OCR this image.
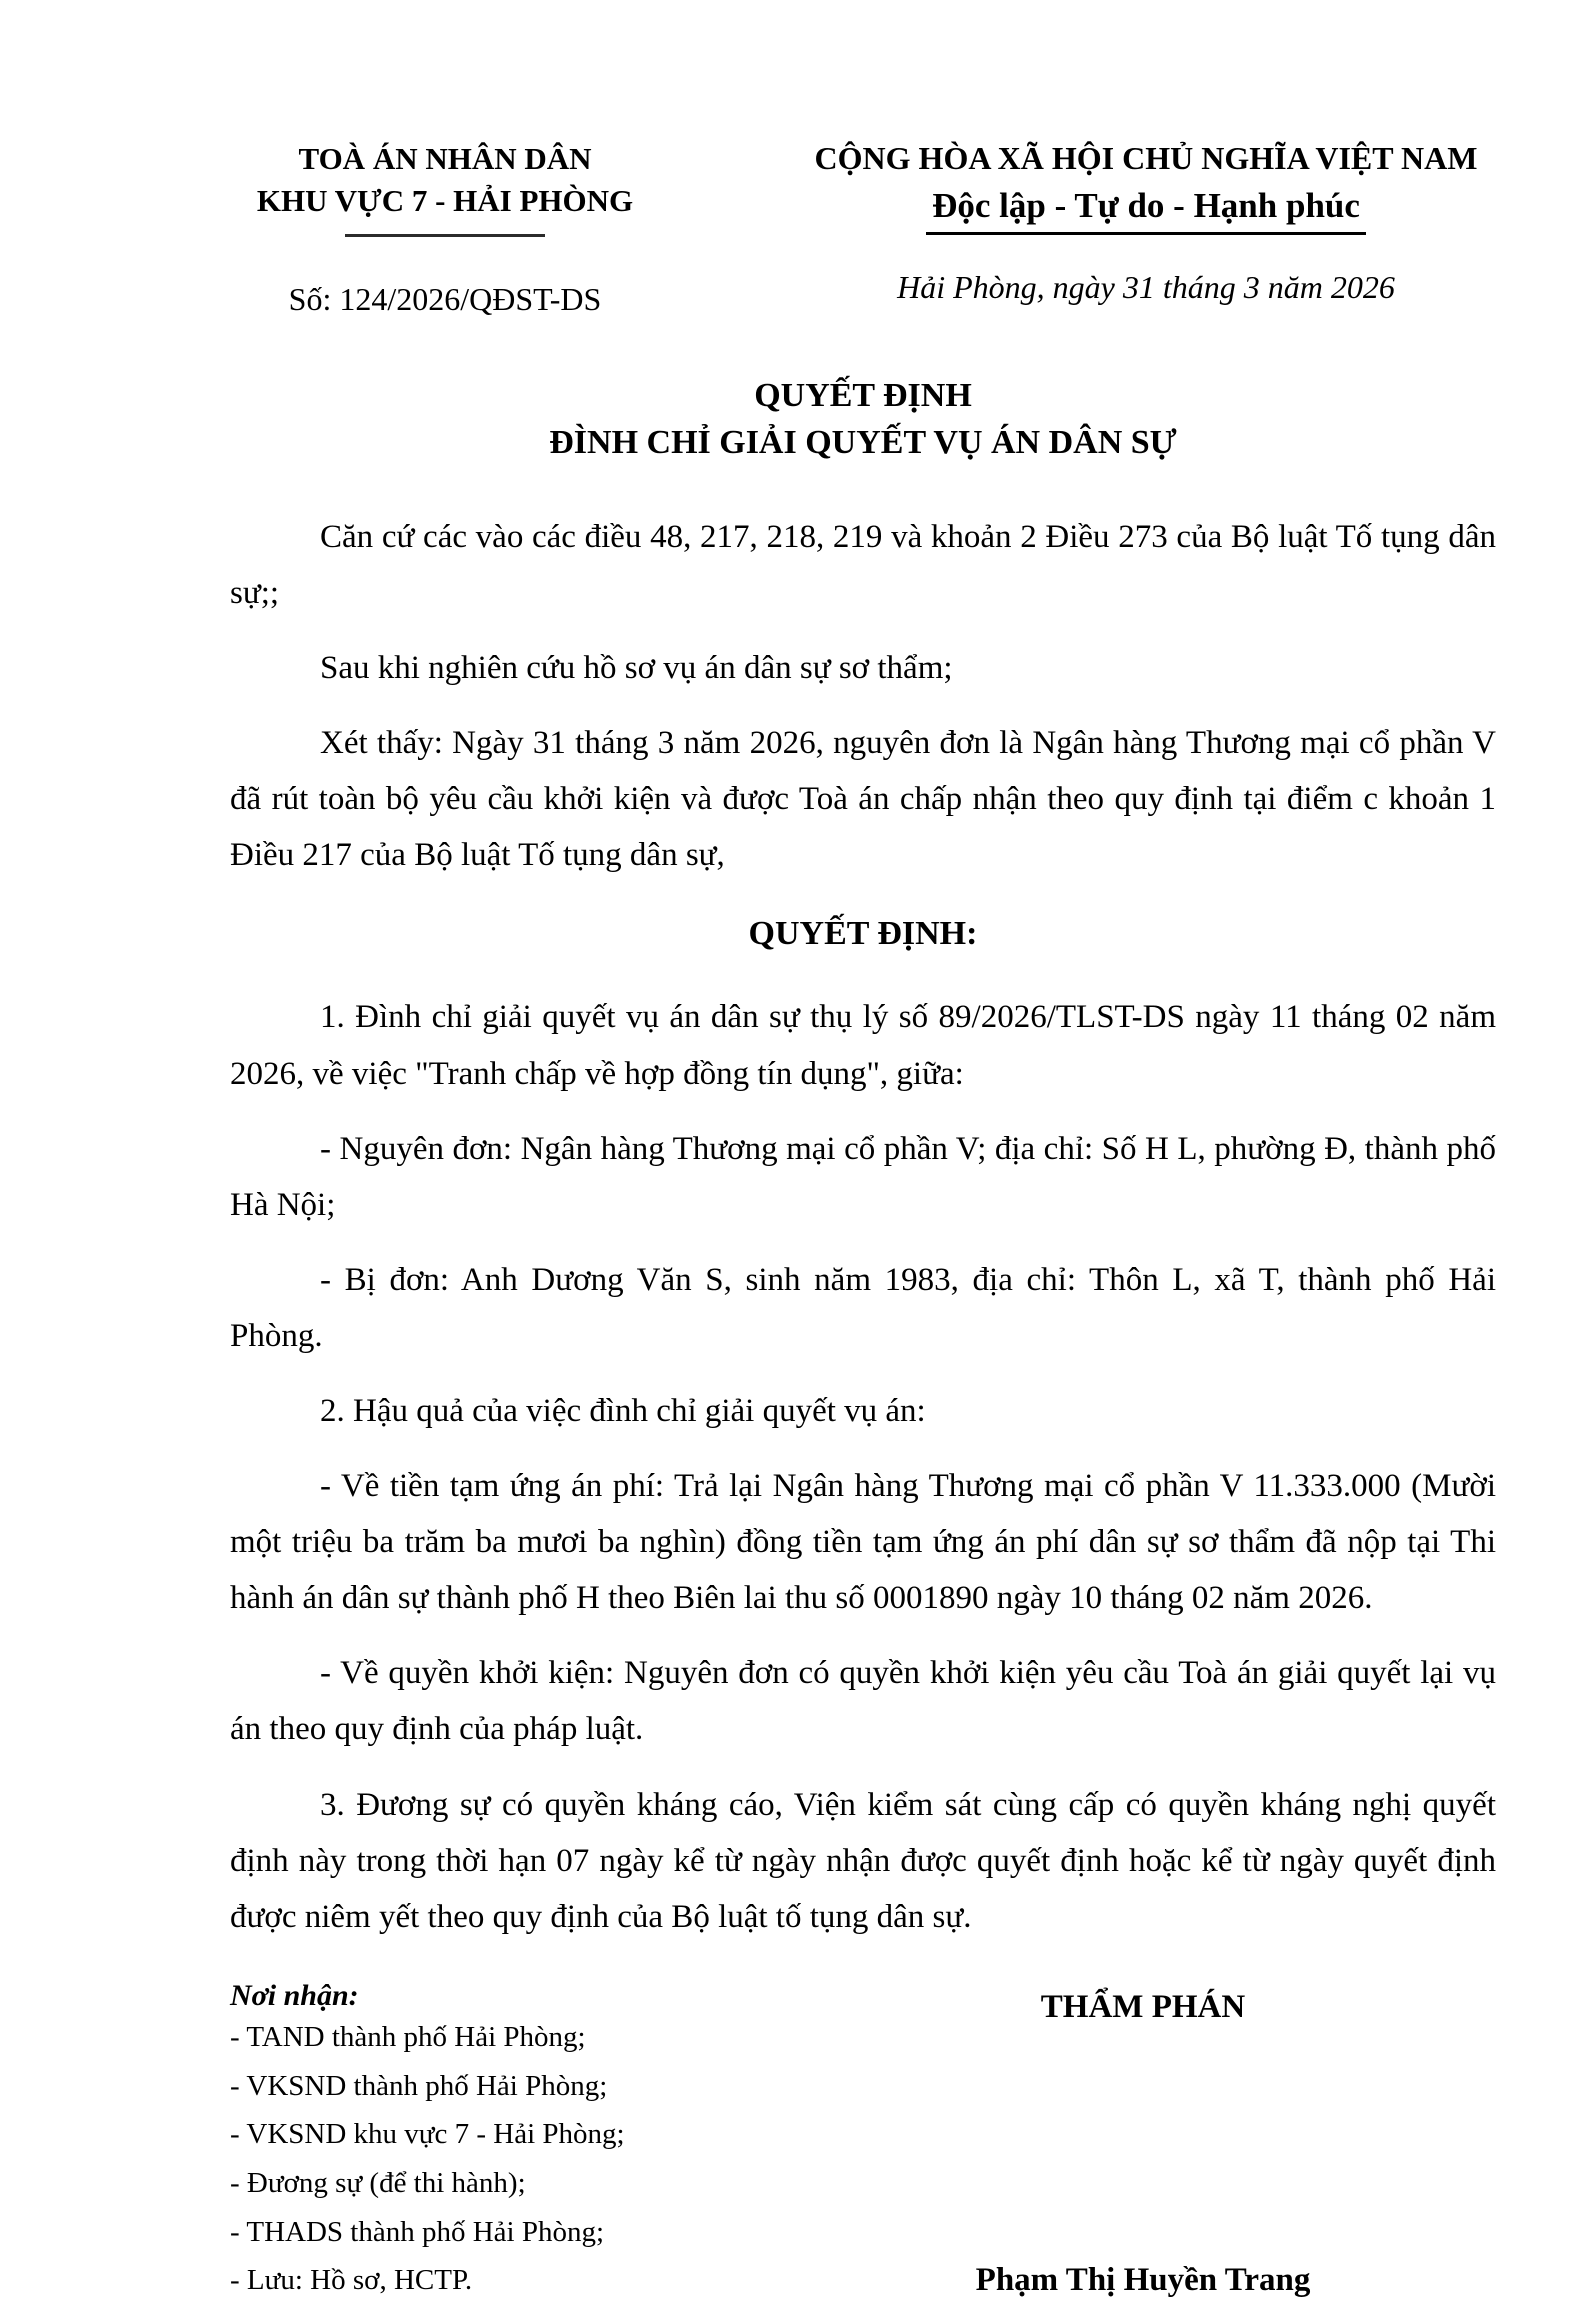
TOÀ ÁN NHÂN DÂN
KHU VỰC 7 - HẢI PHÒNG
Số: 124/2026/QĐST-DS
CỘNG HÒA XÃ HỘI CHỦ NGHĨA VIỆT NAM
Độc lập - Tự do - Hạnh phúc
Hải Phòng, ngày 31 tháng 3 năm 2026
QUYẾT ĐỊNH
ĐÌNH CHỈ GIẢI QUYẾT VỤ ÁN DÂN SỰ

Căn cứ các vào các điều 48, 217, 218, 219 và khoản 2 Điều 273 của Bộ luật Tố tụng dân sự;;

Sau khi nghiên cứu hồ sơ vụ án dân sự sơ thẩm;

Xét thấy: Ngày 31 tháng 3 năm 2026, nguyên đơn là Ngân hàng Thương mại cổ phần V đã rút toàn bộ yêu cầu khởi kiện và được Toà án chấp nhận theo quy định tại điểm c khoản 1 Điều 217 của Bộ luật Tố tụng dân sự,

QUYẾT ĐỊNH:

1. Đình chỉ giải quyết vụ án dân sự thụ lý số 89/2026/TLST-DS ngày 11 tháng 02 năm 2026, về việc "Tranh chấp về hợp đồng tín dụng", giữa:

- Nguyên đơn: Ngân hàng Thương mại cổ phần V; địa chỉ: Số H L, phường Đ, thành phố Hà Nội;

- Bị đơn: Anh Dương Văn S, sinh năm 1983, địa chỉ: Thôn L, xã T, thành phố Hải Phòng.

2. Hậu quả của việc đình chỉ giải quyết vụ án:

- Về tiền tạm ứng án phí: Trả lại Ngân hàng Thương mại cổ phần V 11.333.000 (Mười một triệu ba trăm ba mươi ba nghìn) đồng tiền tạm ứng án phí dân sự sơ thẩm đã nộp tại Thi hành án dân sự thành phố H theo Biên lai thu số 0001890 ngày 10 tháng 02 năm 2026.

- Về quyền khởi kiện: Nguyên đơn có quyền khởi kiện yêu cầu Toà án giải quyết lại vụ án theo quy định của pháp luật.

3. Đương sự có quyền kháng cáo, Viện kiểm sát cùng cấp có quyền kháng nghị quyết định này trong thời hạn 07 ngày kể từ ngày nhận được quyết định hoặc kể từ ngày quyết định được niêm yết theo quy định của Bộ luật tố tụng dân sự.

Nơi nhận:
- TAND thành phố Hải Phòng;
- VKSND thành phố Hải Phòng;
- VKSND khu vực 7 - Hải Phòng;
- Đương sự (để thi hành);
- THADS thành phố Hải Phòng;
- Lưu: Hồ sơ, HCTP.
THẨM PHÁN
Phạm Thị Huyền Trang
